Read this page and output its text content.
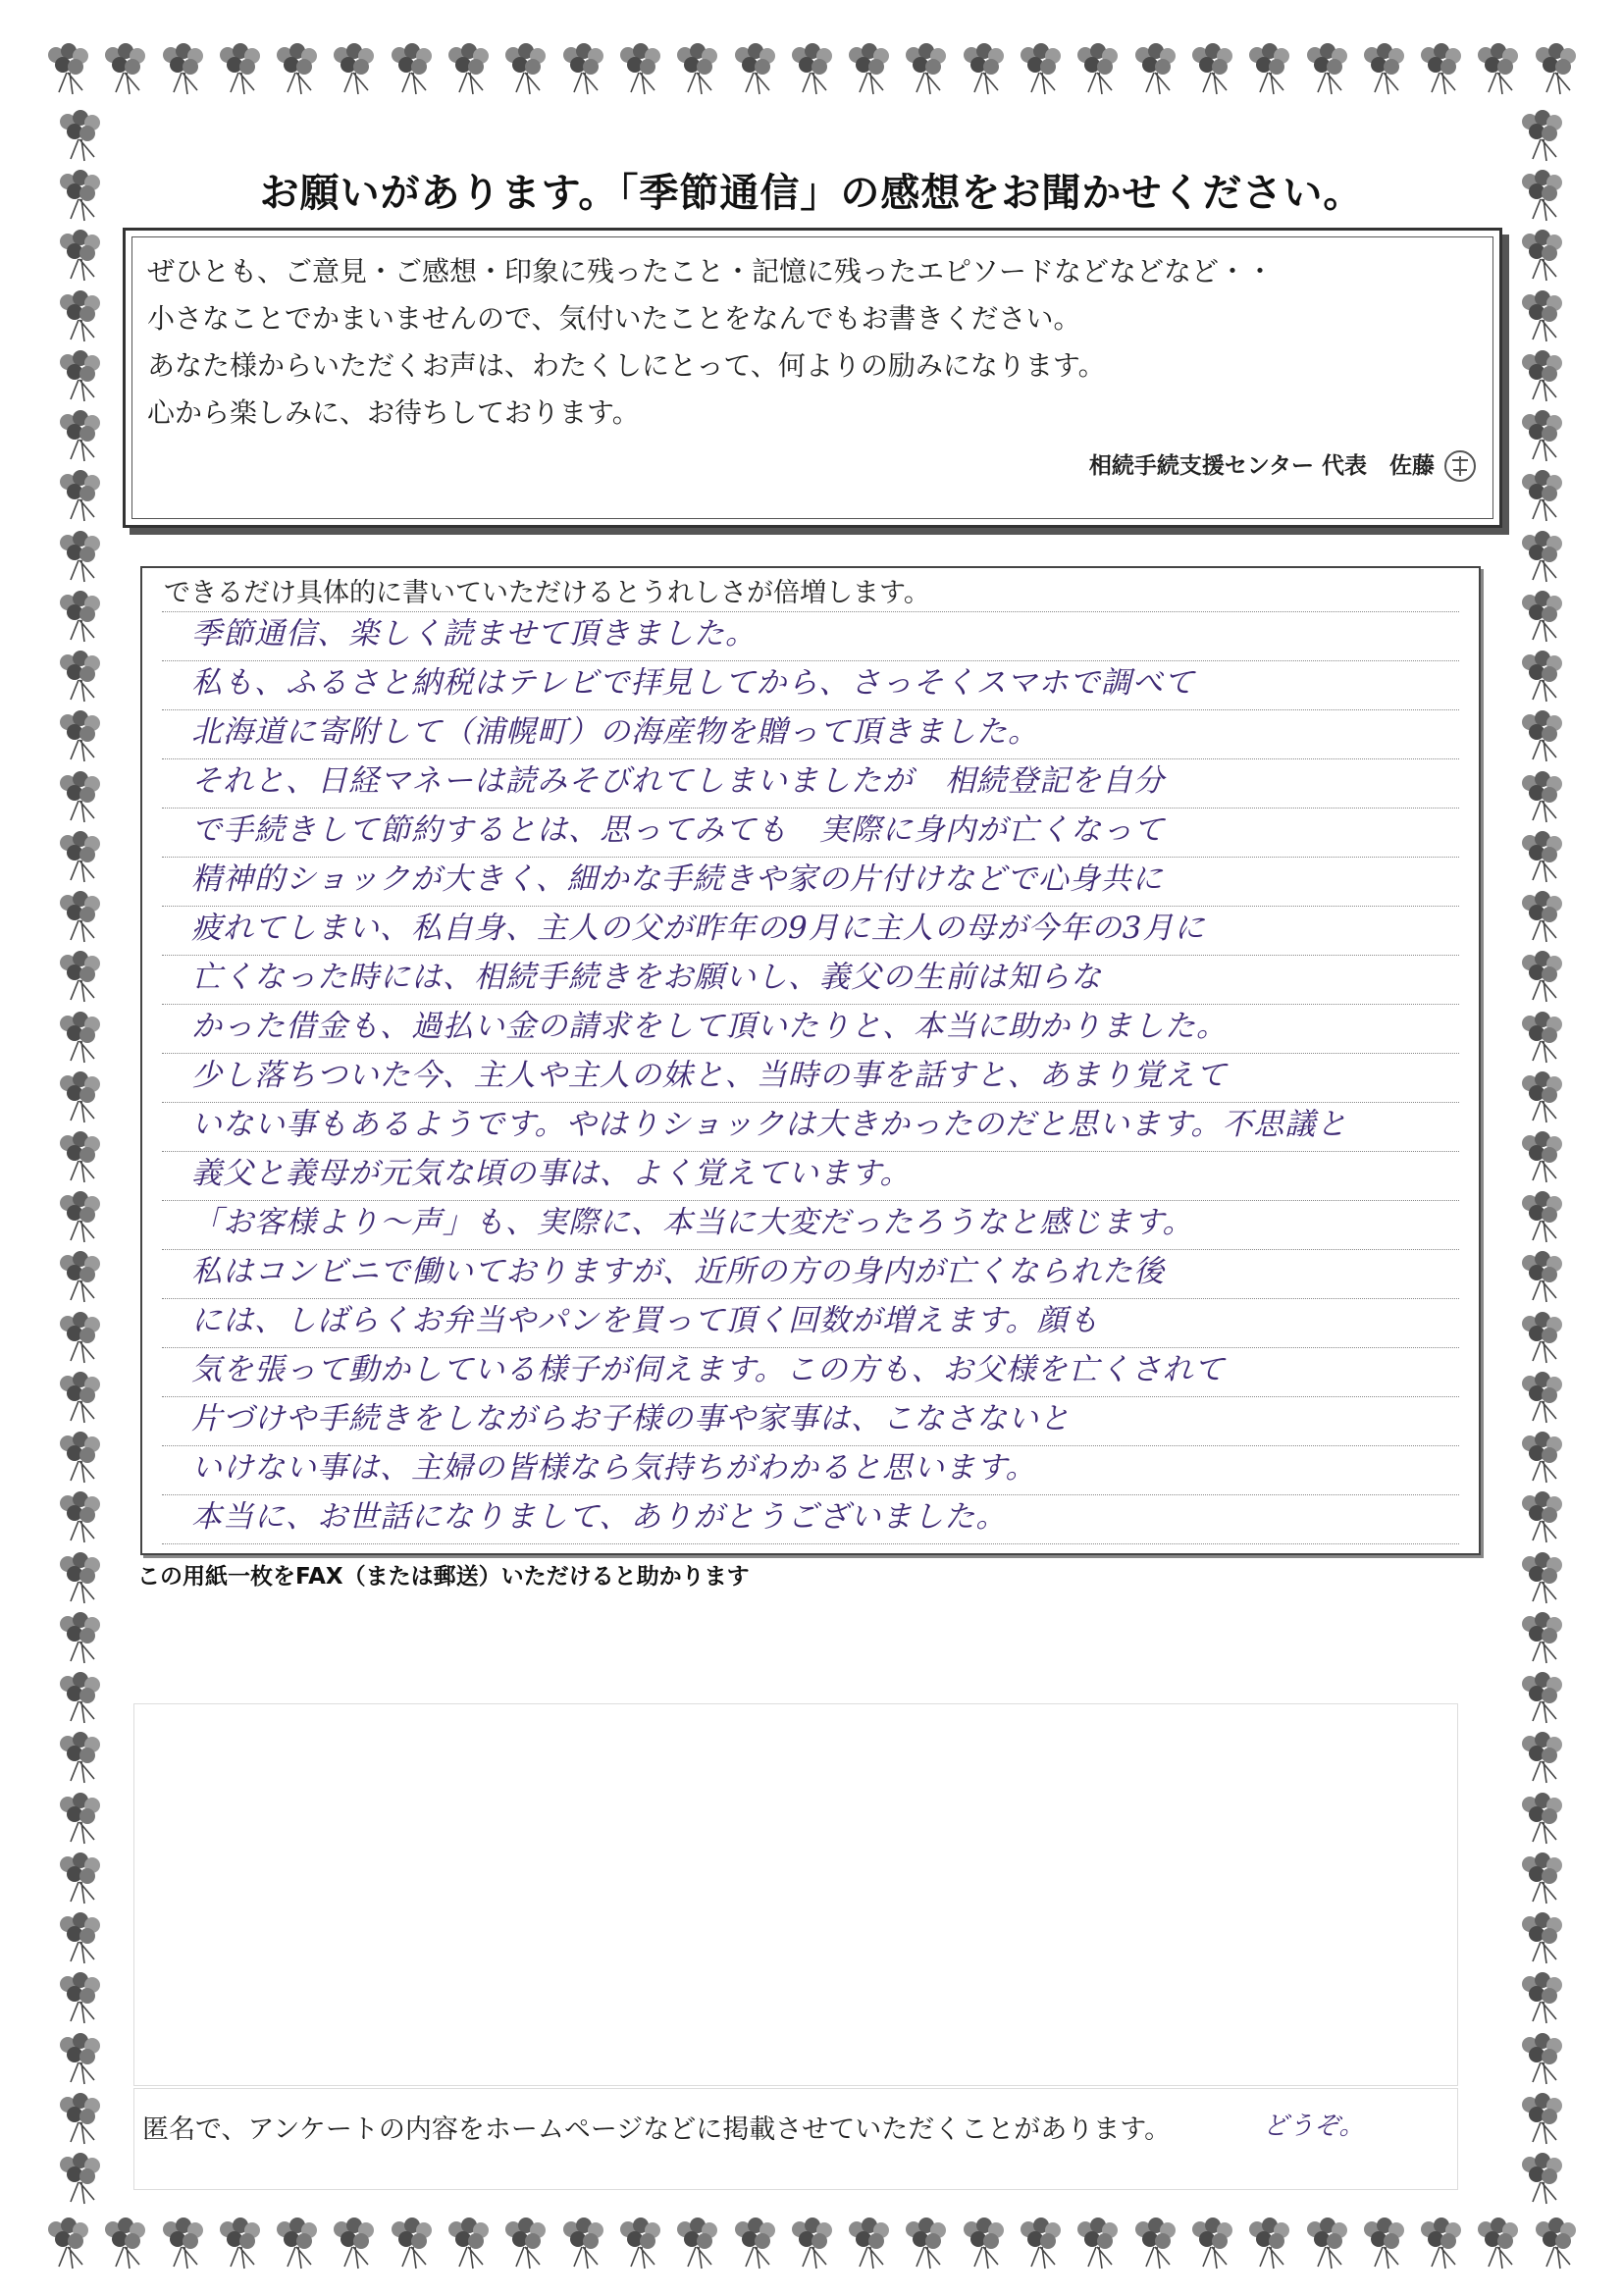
お願いがあります。「季節通信」の感想をお聞かせください。
ぜひとも、ご意見・ご感想・印象に残ったこと・記憶に残ったエピソードなどなどなど・・
小さなことでかまいませんので、気付いたことをなんでもお書きください。
あなた様からいただくお声は、わたくしにとって、何よりの励みになります。
心から楽しみに、お待ちしております。
相続手続支援センター 代表　佐藤
できるだけ具体的に書いていただけるとうれしさが倍増します。
季節通信、楽しく読ませて頂きました。
私も、ふるさと納税はテレビで拝見してから、さっそくスマホで調べて
北海道に寄附して（浦幌町）の海産物を贈って頂きました。
それと、日経マネーは読みそびれてしまいましたが　相続登記を自分
で手続きして節約するとは、思ってみても　実際に身内が亡くなって
精神的ショックが大きく、細かな手続きや家の片付けなどで心身共に
疲れてしまい、私自身、主人の父が昨年の9月に主人の母が今年の3月に
亡くなった時には、相続手続きをお願いし、義父の生前は知らな
かった借金も、過払い金の請求をして頂いたりと、本当に助かりました。
少し落ちついた今、主人や主人の妹と、当時の事を話すと、あまり覚えて
いない事もあるようです。やはりショックは大きかったのだと思います。不思議と
義父と義母が元気な頃の事は、よく覚えています。
「お客様より～声」も、実際に、本当に大変だったろうなと感じます。
私はコンビニで働いておりますが、近所の方の身内が亡くなられた後
には、しばらくお弁当やパンを買って頂く回数が増えます。顔も
気を張って動かしている様子が伺えます。この方も、お父様を亡くされて
片づけや手続きをしながらお子様の事や家事は、こなさないと
いけない事は、主婦の皆様なら気持ちがわかると思います。
本当に、お世話になりまして、ありがとうございました。
この用紙一枚をFAX（または郵送）いただけると助かります
匿名で、アンケートの内容をホームページなどに掲載させていただくことがあります。	どうぞ。
